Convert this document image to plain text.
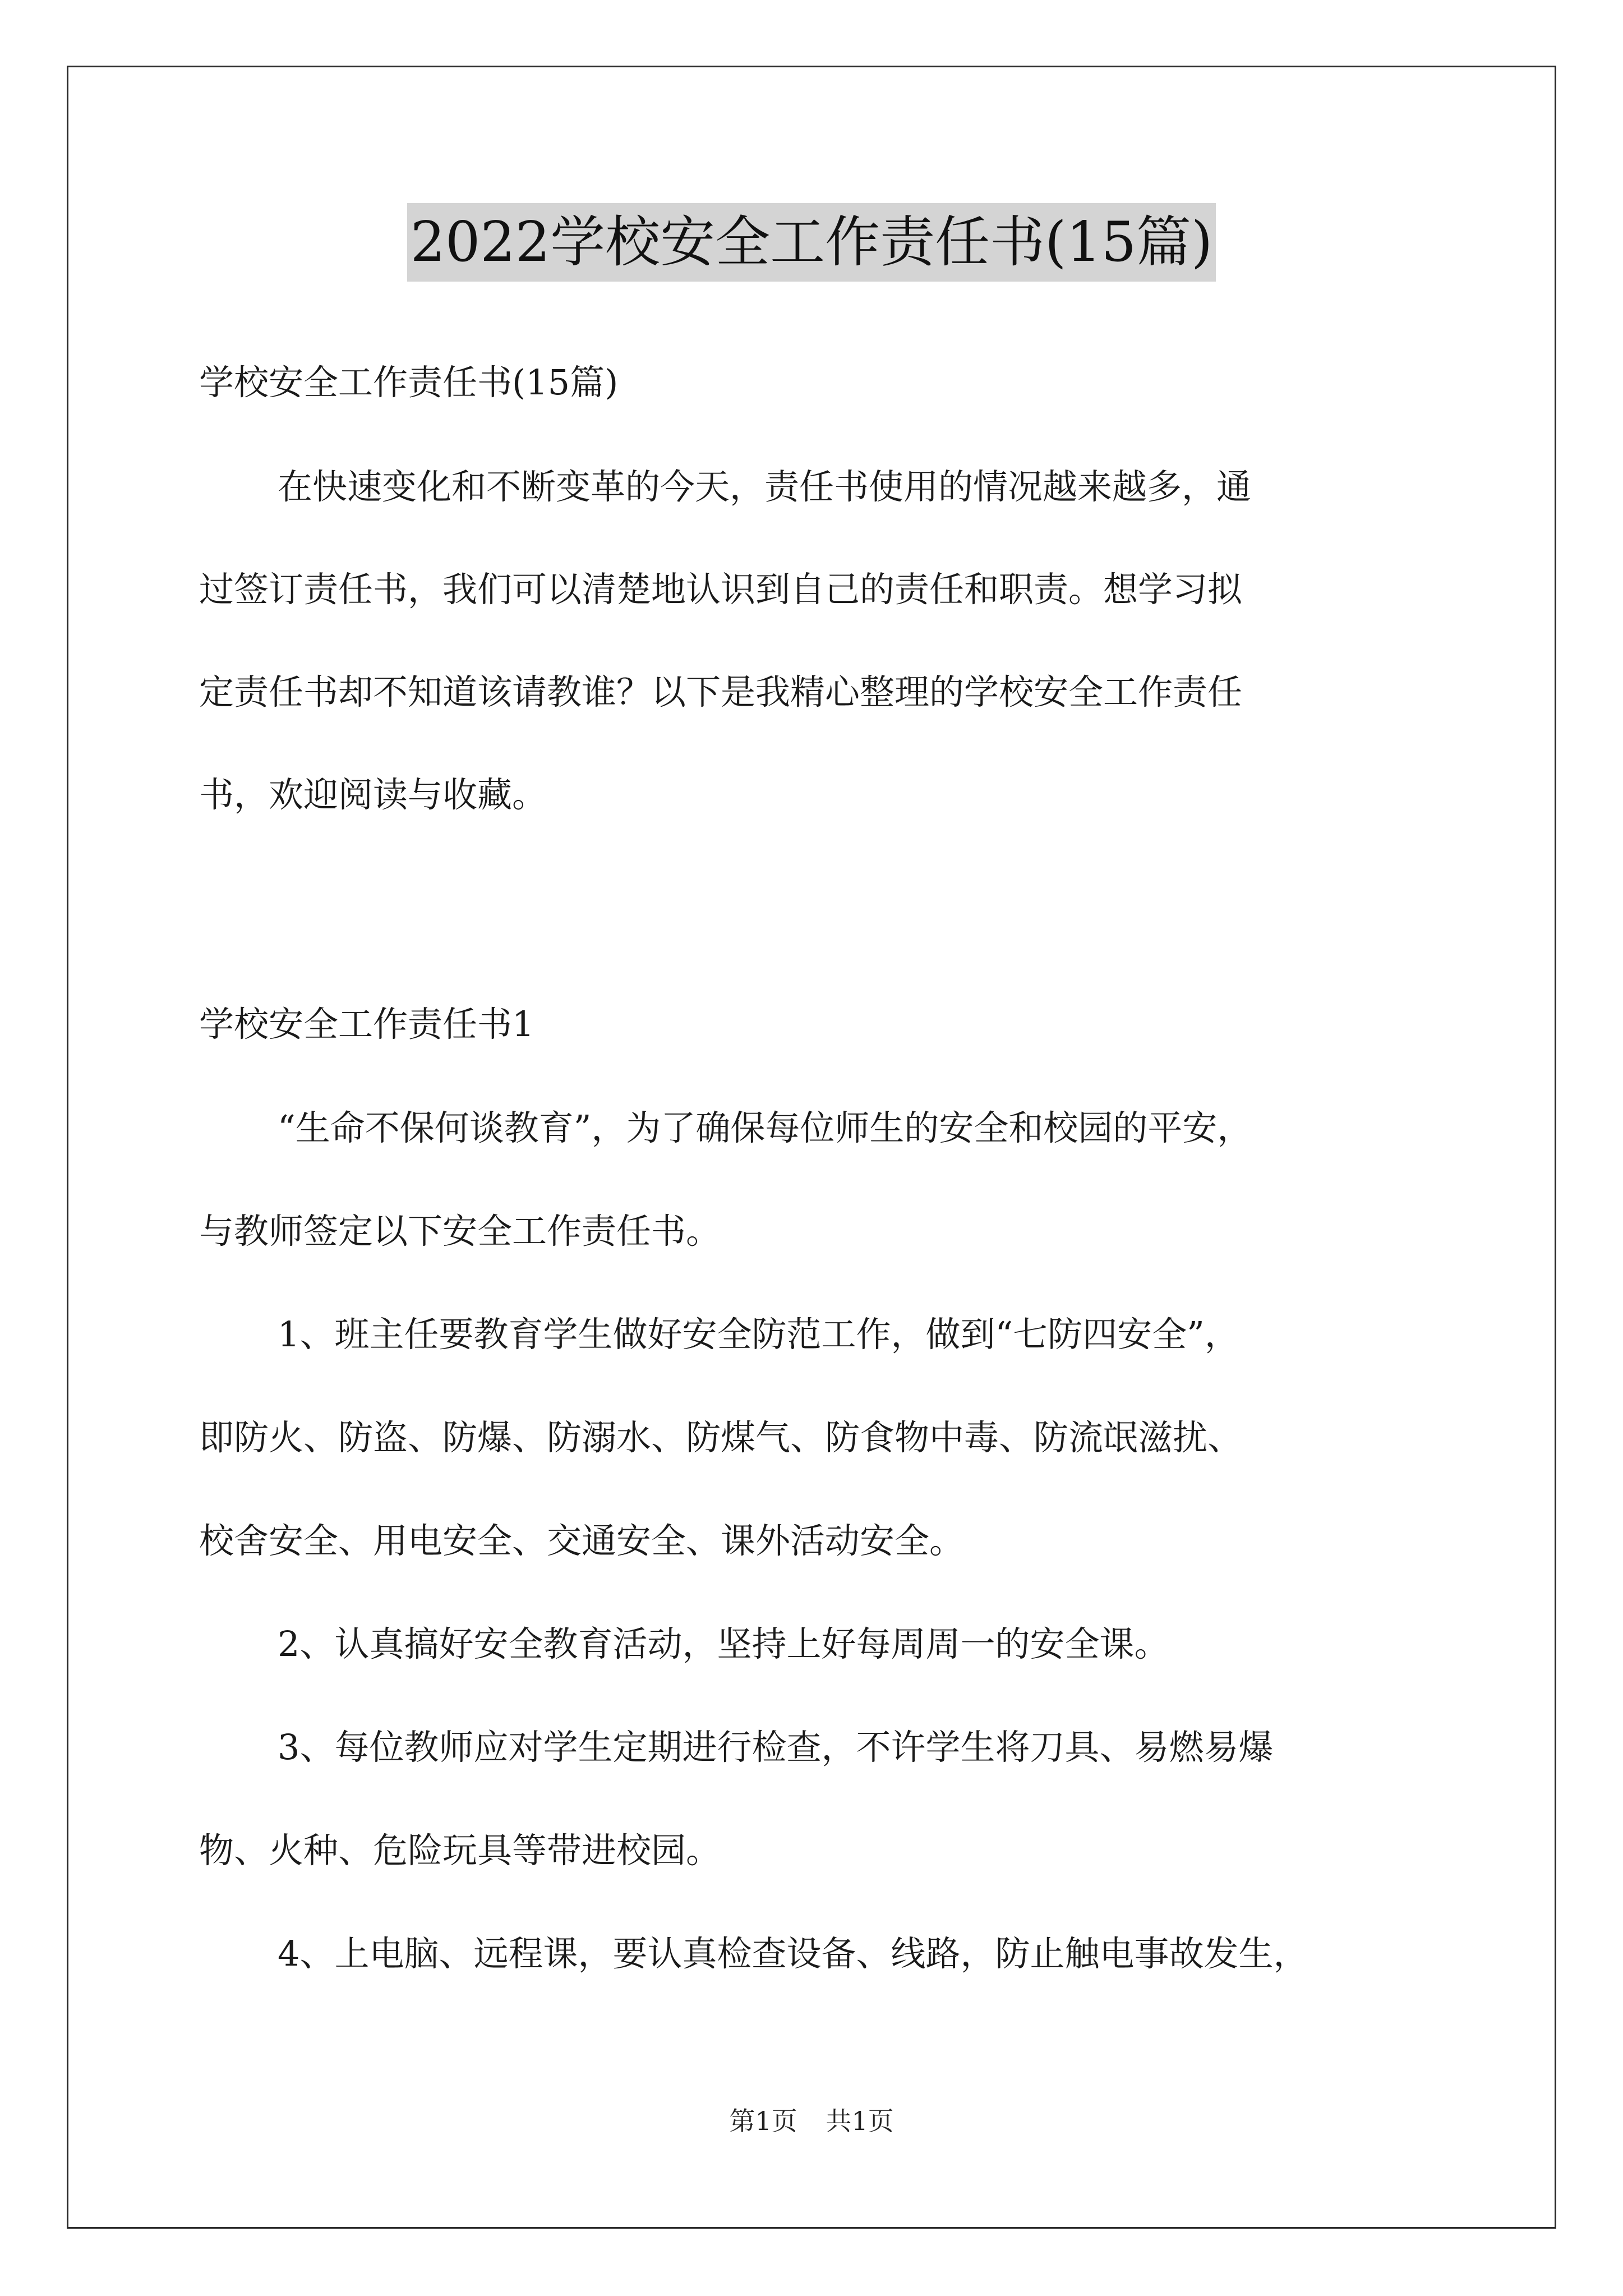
2022学校安全工作责任书(15篇)
学校安全工作责任书(15篇)
在快速变化和不断变革的今天，责任书使用的情况越来越多，通
过签订责任书，我们可以清楚地认识到自己的责任和职责。想学习拟
定责任书却不知道该请教谁？以下是我精心整理的学校安全工作责任
书，欢迎阅读与收藏。
学校安全工作责任书1
“生命不保何谈教育”，为了确保每位师生的安全和校园的平安，
与教师签定以下安全工作责任书。
1、班主任要教育学生做好安全防范工作，做到“七防四安全”，
即防火、防盗、防爆、防溺水、防煤气、防食物中毒、防流氓滋扰、
校舍安全、用电安全、交通安全、课外活动安全。
2、认真搞好安全教育活动，坚持上好每周周一的安全课。
3、每位教师应对学生定期进行检查，不许学生将刀具、易燃易爆
物、火种、危险玩具等带进校园。
4、上电脑、远程课，要认真检查设备、线路，防止触电事故发生，
第1页 共1页
